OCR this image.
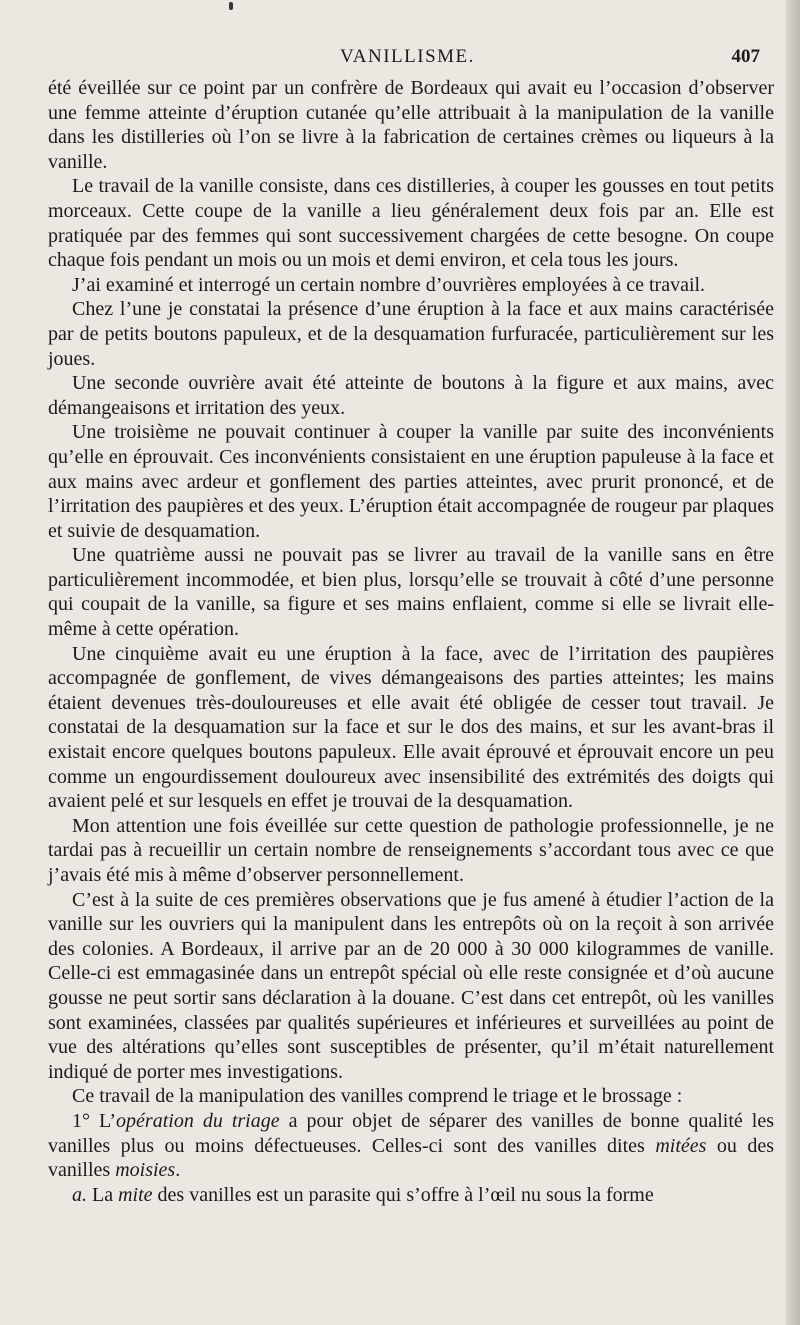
VANILLISME.	407

été éveillée sur ce point par un confrère de Bordeaux qui avait eu l’occasion d’observer une femme atteinte d’éruption cutanée qu’elle attribuait à la manipulation de la vanille dans les distilleries où l’on se livre à la fabrication de certaines crèmes ou liqueurs à la vanille.

Le travail de la vanille consiste, dans ces distilleries, à couper les gousses en tout petits morceaux. Cette coupe de la vanille a lieu généralement deux fois par an. Elle est pratiquée par des femmes qui sont successivement chargées de cette besogne. On coupe chaque fois pendant un mois ou un mois et demi environ, et cela tous les jours.

J’ai examiné et interrogé un certain nombre d’ouvrières employées à ce travail.

Chez l’une je constatai la présence d’une éruption à la face et aux mains caractérisée par de petits boutons papuleux, et de la desquamation furfuracée, particulièrement sur les joues.

Une seconde ouvrière avait été atteinte de boutons à la figure et aux mains, avec démangeaisons et irritation des yeux.

Une troisième ne pouvait continuer à couper la vanille par suite des inconvénients qu’elle en éprouvait. Ces inconvénients consistaient en une éruption papuleuse à la face et aux mains avec ardeur et gonflement des parties atteintes, avec prurit prononcé, et de l’irritation des paupières et des yeux. L’éruption était accompagnée de rougeur par plaques et suivie de desquamation.

Une quatrième aussi ne pouvait pas se livrer au travail de la vanille sans en être particulièrement incommodée, et bien plus, lorsqu’elle se trouvait à côté d’une personne qui coupait de la vanille, sa figure et ses mains enflaient, comme si elle se livrait elle-même à cette opération.

Une cinquième avait eu une éruption à la face, avec de l’irritation des paupières accompagnée de gonflement, de vives démangeaisons des parties atteintes; les mains étaient devenues très-douloureuses et elle avait été obligée de cesser tout travail. Je constatai de la desquamation sur la face et sur le dos des mains, et sur les avant-bras il existait encore quelques boutons papuleux. Elle avait éprouvé et éprouvait encore un peu comme un engourdissement douloureux avec insensibilité des extrémités des doigts qui avaient pelé et sur lesquels en effet je trouvai de la desquamation.

Mon attention une fois éveillée sur cette question de pathologie professionnelle, je ne tardai pas à recueillir un certain nombre de renseignements s’accordant tous avec ce que j’avais été mis à même d’observer personnellement.

C’est à la suite de ces premières observations que je fus amené à étudier l’action de la vanille sur les ouvriers qui la manipulent dans les entrepôts où on la reçoit à son arrivée des colonies. A Bordeaux, il arrive par an de 20 000 à 30 000 kilogrammes de vanille. Celle-ci est emmagasinée dans un entrepôt spécial où elle reste consignée et d’où aucune gousse ne peut sortir sans déclaration à la douane. C’est dans cet entrepôt, où les vanilles sont examinées, classées par qualités supérieures et inférieures et surveillées au point de vue des altérations qu’elles sont susceptibles de présenter, qu’il m’était naturellement indiqué de porter mes investigations.

Ce travail de la manipulation des vanilles comprend le triage et le brossage :

1° L’opération du triage a pour objet de séparer des vanilles de bonne qualité les vanilles plus ou moins défectueuses. Celles-ci sont des vanilles dites mitées ou des vanilles moisies.

a. La mite des vanilles est un parasite qui s’offre à l’œil nu sous la forme
